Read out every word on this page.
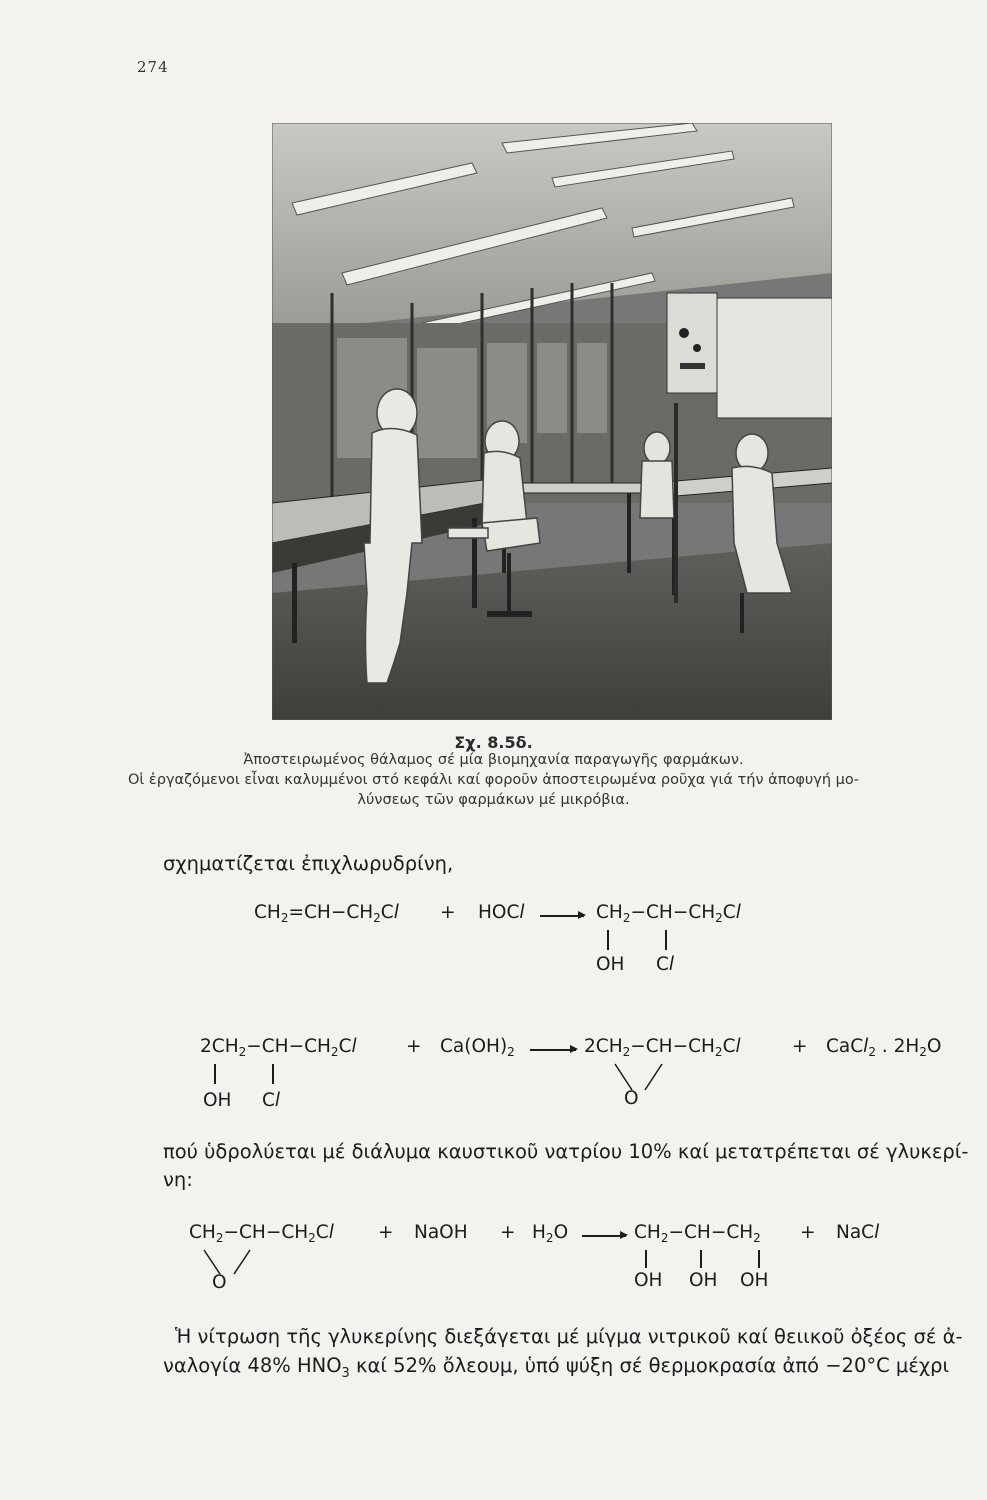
274
Σχ. 8.5δ.
Ἀποστειρωμένος θάλαμος σέ μία βιομηχανία παραγωγῆς φαρμάκων.
Οἱ ἐργαζόμενοι εἶναι καλυμμένοι στό κεφάλι καί φοροῦν ἀποστειρωμένα ροῦχα γιά τήν ἀποφυγή μο-
λύνσεως τῶν φαρμάκων μέ μικρόβια.
σχηματίζεται ἐπιχλωρυδρίνη,
$CH_2=CH-CH_2Cl$ + HOCl	$CH_2-CH-CH_2Cl$
OH Cl
$2CH_2-CH-CH_2Cl$	+ $Ca(OH)_2$	$2CH_2-CH-CH_2Cl$	+ CaCl$_2$ . $2H_2O$
OH Cl	O
πού ὑδρολύεται μέ διάλυμα καυστικοῦ νατρίου 10% καί μετατρέπεται σέ γλυκερί-
νη:
$CH_2-CH-CH_2Cl$ + NaOH + $H_2O$	$CH_2-CH-CH_2$ + NaCl
O	OH OH OH
Ἡ νίτρωση τῆς γλυκερίνης διεξάγεται μέ μίγμα νιτρικοῦ καί θειικοῦ ὀξέος σέ ἀ-
ναλογία 48% $HNO_3$ καί 52% ὄλεουμ, ὑπό ψύξη σέ θερμοκρασία ἀπό −20°C μέχρι
